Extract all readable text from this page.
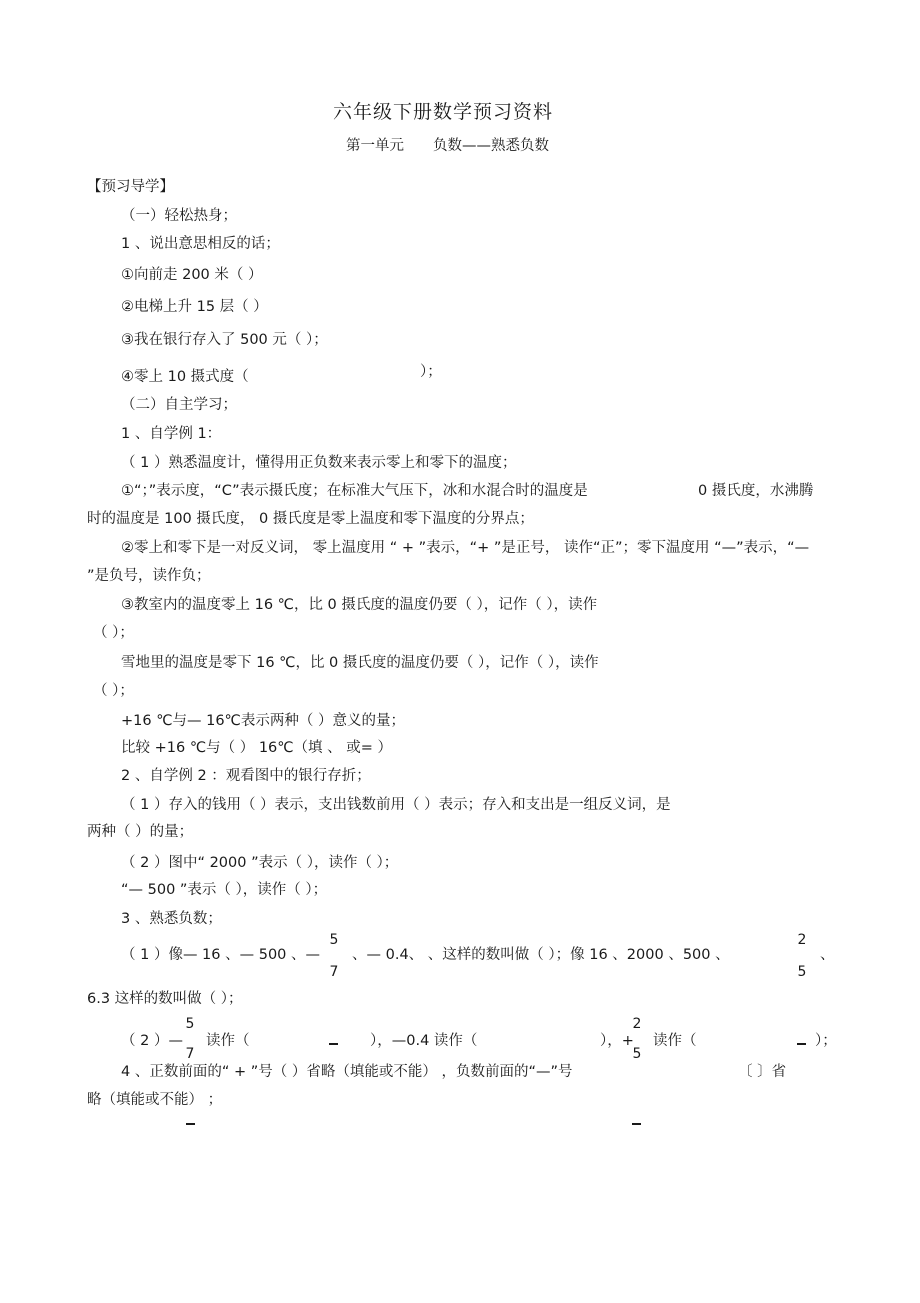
六年级下册数学预习资料
第一单元　　负数——熟悉负数
【预习导学】
（一）轻松热身；
1 、说出意思相反的话；
①向前走 200 米（ ）
②电梯上升 15 层（ ）
③我在银行存入了 500 元（ ）；
④零上 10 摄式度（	）；
（二）自主学习；
1 、自学例 1：
（ 1 ）熟悉温度计，懂得用正负数来表示零上和零下的温度；
①“；”表示度，“C”表示摄氏度；在标准大气压下，冰和水混合时的温度是	0 摄氏度，水沸腾
时的温度是 100 摄氏度， 0 摄氏度是零上温度和零下温度的分界点；
②零上和零下是一对反义词， 零上温度用 “ + ”表示，“+ ”是正号， 读作“正”；零下温度用 “—”表示，“—
”是负号，读作负；
③教室内的温度零上 16 ℃，比 0 摄氏度的温度仍要（ ），记作（ ），读作
（ ）；
雪地里的温度是零下 16 ℃，比 0 摄氏度的温度仍要（ ），记作（ ），读作
（ ）；
+16 ℃与— 16℃表示两种（ ）意义的量；
比较 +16 ℃与（ ） 16℃（填 、 或= ）
2 、自学例 2 ：观看图中的银行存折；
（ 1 ）存入的钱用（ ）表示，支出钱数前用（ ）表示；存入和支出是一组反义词，是
两种（ ）的量；
（ 2 ）图中“ 2000 ”表示（ ），读作（ ）；
“— 500 ”表示（ ），读作（ ）；
3 、熟悉负数；
（ 1 ）像— 16 、— 500 、—
5
7
、— 0.4、 、这样的数叫做（ ）；像 16 、2000 、500 、
2
5
、
6.3 这样的数叫做（ ）；
（ 2 ）—
5
7
读作（	），—0.4 读作（	），+
2
5
读作（	）；
4 、正数前面的“ + ”号（ ）省略（填能或不能） ，负数前面的“—”号	〔 〕省
略（填能或不能） ；
